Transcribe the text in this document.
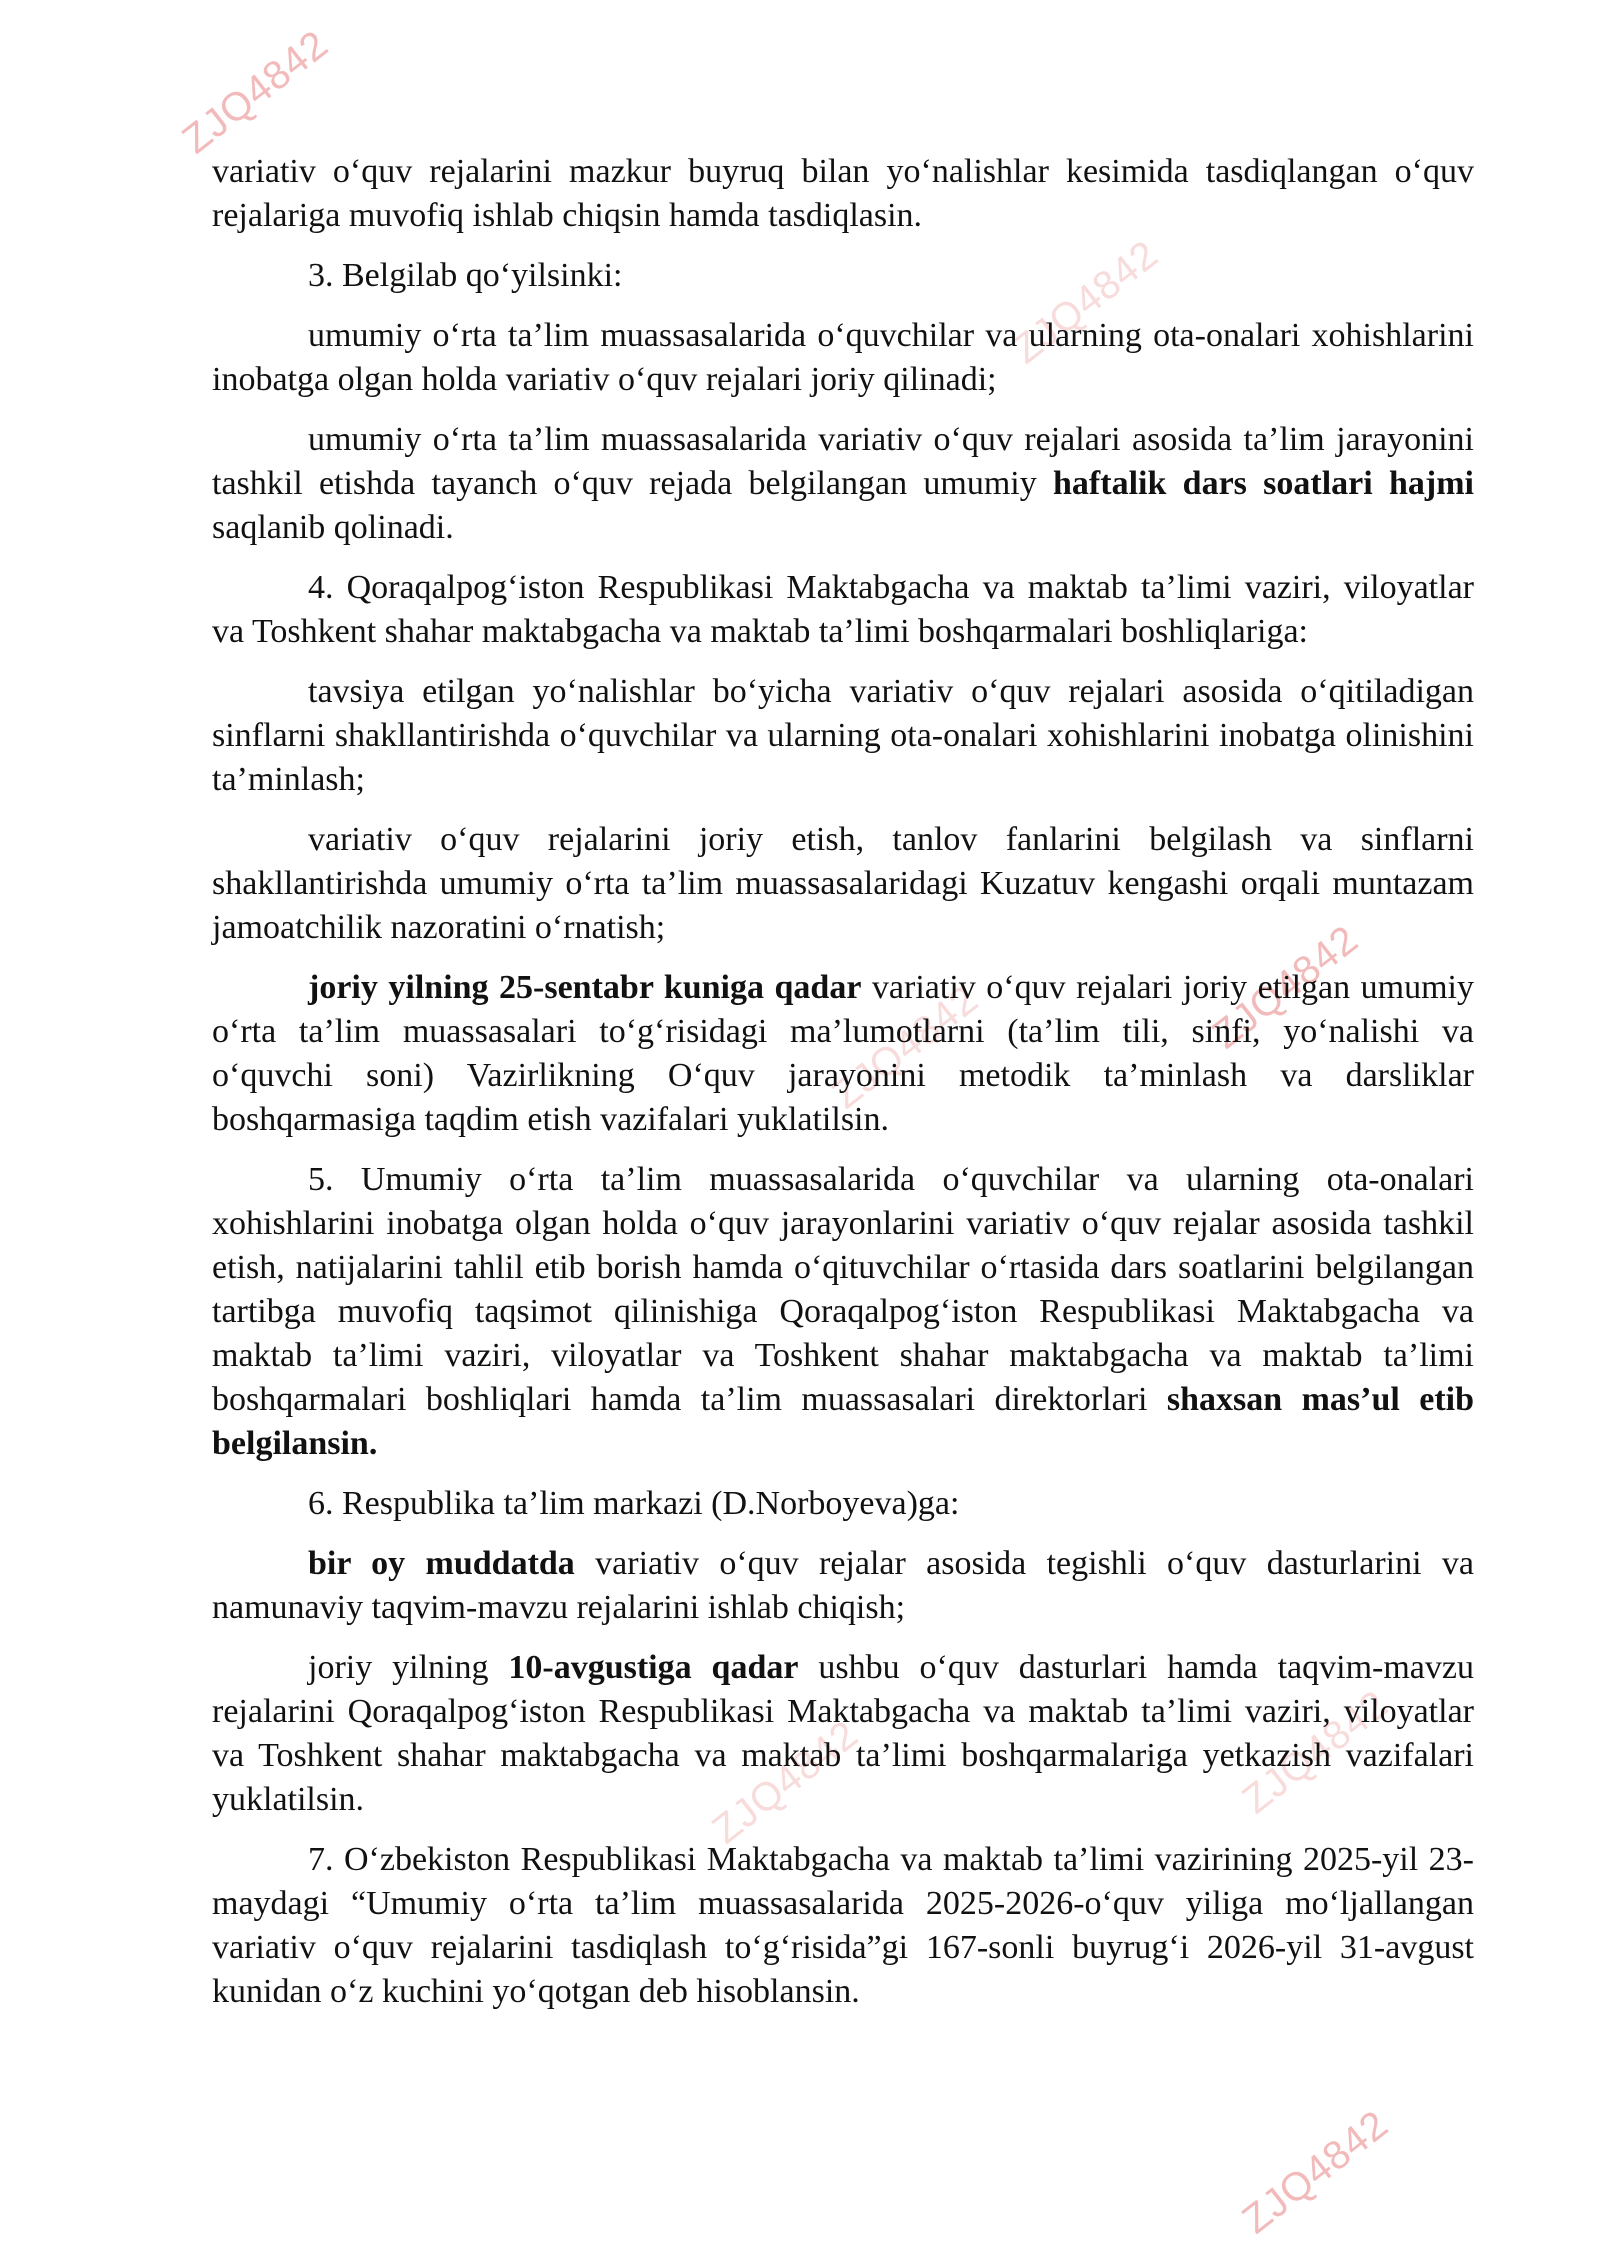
ZJQ4842
ZJQ4842
ZJQ4842
ZJQ4842
ZJQ4842	ZJQ4842
ZJQ4842

variativ o‘quv rejalarini mazkur buyruq bilan yo‘nalishlar kesimida tasdiqlangan o‘quv rejalariga muvofiq ishlab chiqsin hamda tasdiqlasin.

3. Belgilab qo‘yilsinki:

umumiy o‘rta ta’lim muassasalarida o‘quvchilar va ularning ota-onalari xohishlarini inobatga olgan holda variativ o‘quv rejalari joriy qilinadi;

umumiy o‘rta ta’lim muassasalarida variativ o‘quv rejalari asosida ta’lim jarayonini tashkil etishda tayanch o‘quv rejada belgilangan umumiy haftalik dars soatlari hajmi saqlanib qolinadi.

4. Qoraqalpog‘iston Respublikasi Maktabgacha va maktab ta’limi vaziri, viloyatlar va Toshkent shahar maktabgacha va maktab ta’limi boshqarmalari boshliqlariga:

tavsiya etilgan yo‘nalishlar bo‘yicha variativ o‘quv rejalari asosida o‘qitiladigan sinflarni shakllantirishda o‘quvchilar va ularning ota-onalari xohishlarini inobatga olinishini ta’minlash;

variativ o‘quv rejalarini joriy etish, tanlov fanlarini belgilash va sinflarni shakllantirishda umumiy o‘rta ta’lim muassasalaridagi Kuzatuv kengashi orqali muntazam jamoatchilik nazoratini o‘rnatish;

joriy yilning 25-sentabr kuniga qadar variativ o‘quv rejalari joriy etilgan umumiy o‘rta ta’lim muassasalari to‘g‘risidagi ma’lumotlarni (ta’lim tili, sinfi, yo‘nalishi va o‘quvchi soni) Vazirlikning O‘quv jarayonini metodik ta’minlash va darsliklar boshqarmasiga taqdim etish vazifalari yuklatilsin.

5. Umumiy o‘rta ta’lim muassasalarida o‘quvchilar va ularning ota-onalari xohishlarini inobatga olgan holda o‘quv jarayonlarini variativ o‘quv rejalar asosida tashkil etish, natijalarini tahlil etib borish hamda o‘qituvchilar o‘rtasida dars soatlarini belgilangan tartibga muvofiq taqsimot qilinishiga Qoraqalpog‘iston Respublikasi Maktabgacha va maktab ta’limi vaziri, viloyatlar va Toshkent shahar maktabgacha va maktab ta’limi boshqarmalari boshliqlari hamda ta’lim muassasalari direktorlari shaxsan mas’ul etib belgilansin.

6. Respublika ta’lim markazi (D.Norboyeva)ga:

bir oy muddatda variativ o‘quv rejalar asosida tegishli o‘quv dasturlarini va namunaviy taqvim-mavzu rejalarini ishlab chiqish;

joriy yilning 10-avgustiga qadar ushbu o‘quv dasturlari hamda taqvim-mavzu rejalarini Qoraqalpog‘iston Respublikasi Maktabgacha va maktab ta’limi vaziri, viloyatlar va Toshkent shahar maktabgacha va maktab ta’limi boshqarmalariga yetkazish vazifalari yuklatilsin.

7. O‘zbekiston Respublikasi Maktabgacha va maktab ta’limi vazirining 2025-yil 23-maydagi “Umumiy o‘rta ta’lim muassasalarida 2025-2026-o‘quv yiliga mo‘ljallangan variativ o‘quv rejalarini tasdiqlash to‘g‘risida”gi 167-sonli buyrug‘i 2026-yil 31-avgust kunidan o‘z kuchini yo‘qotgan deb hisoblansin.
